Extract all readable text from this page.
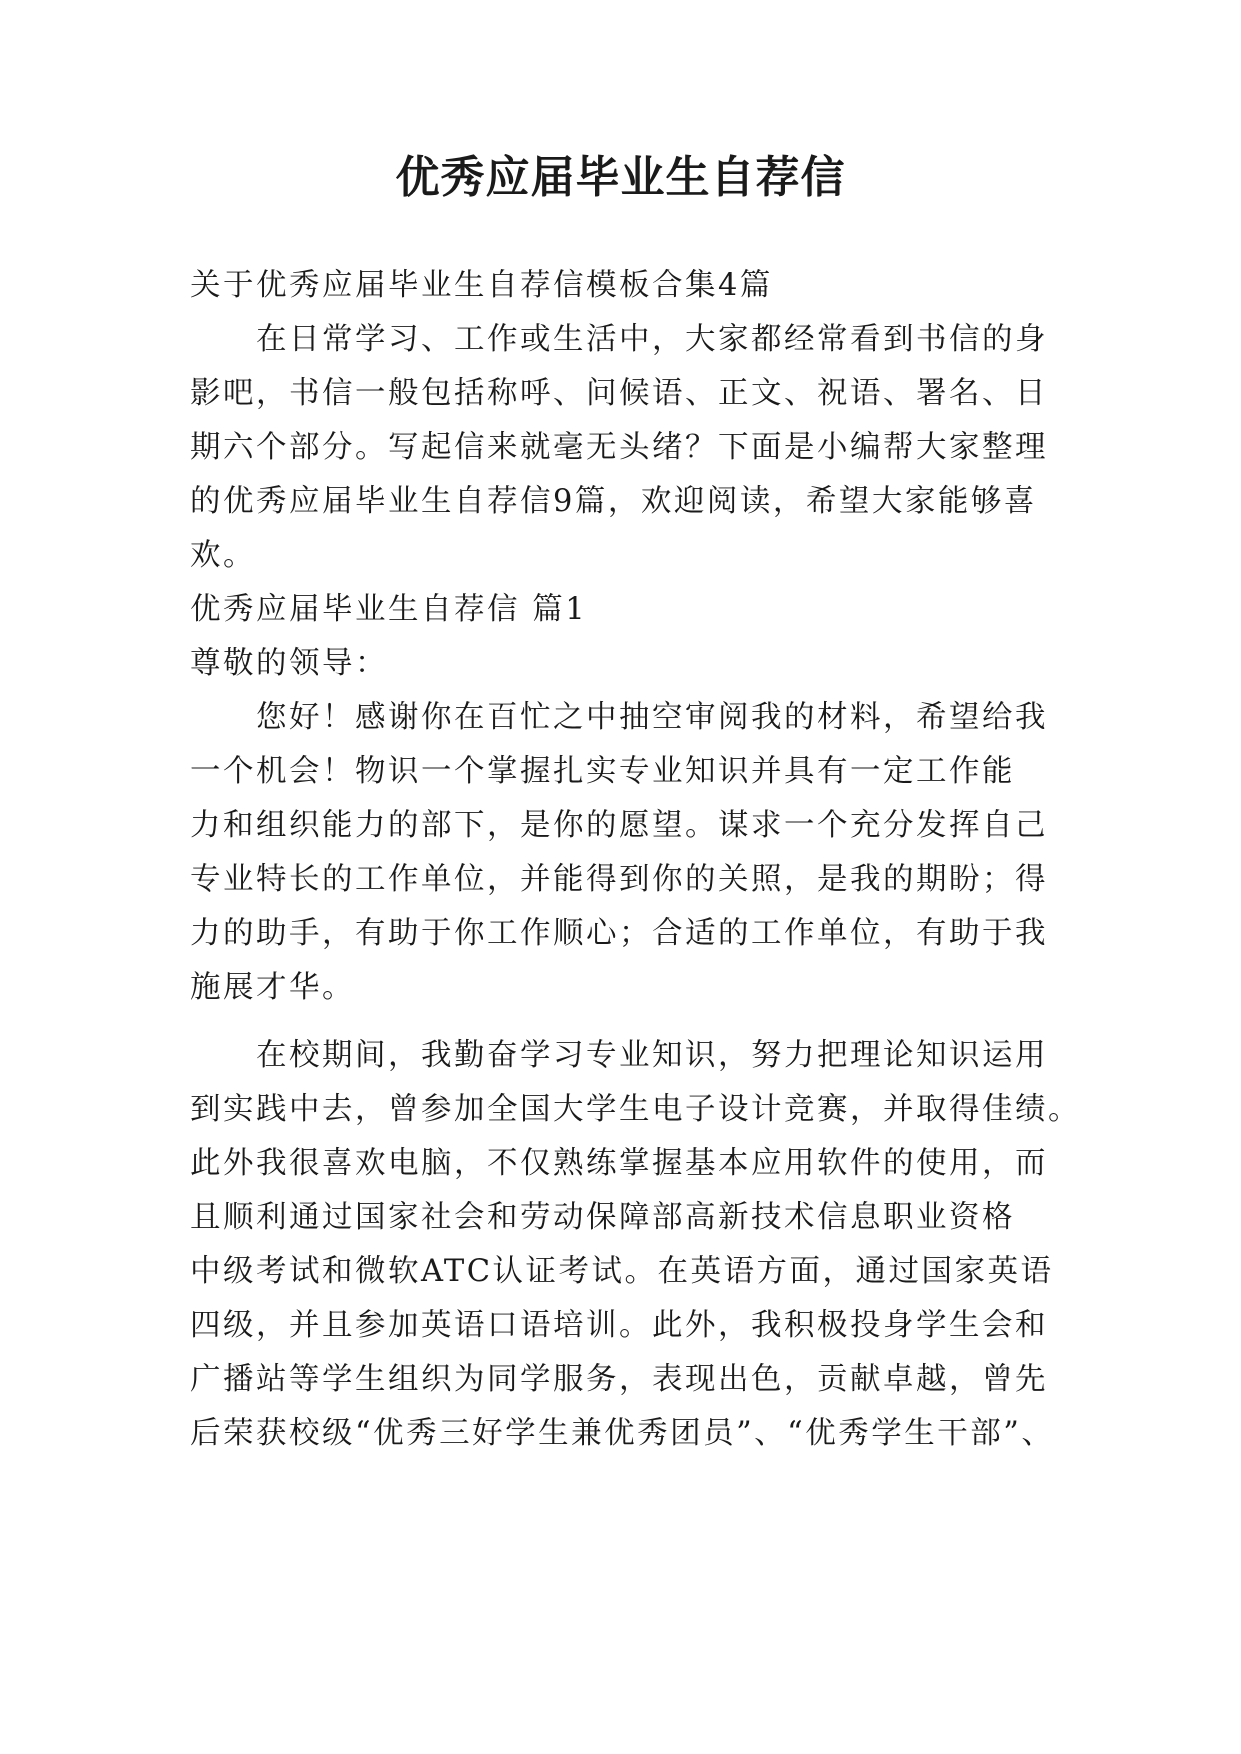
优秀应届毕业生自荐信
关于优秀应届毕业生自荐信模板合集4篇
在日常学习、工作或生活中，大家都经常看到书信的身
影吧，书信一般包括称呼、问候语、正文、祝语、署名、日
期六个部分。写起信来就毫无头绪？下面是小编帮大家整理
的优秀应届毕业生自荐信9篇，欢迎阅读，希望大家能够喜
欢。
优秀应届毕业生自荐信 篇1
尊敬的领导：
您好！感谢你在百忙之中抽空审阅我的材料，希望给我
一个机会！物识一个掌握扎实专业知识并具有一定工作能
力和组织能力的部下，是你的愿望。谋求一个充分发挥自己
专业特长的工作单位，并能得到你的关照，是我的期盼；得
力的助手，有助于你工作顺心；合适的工作单位，有助于我
施展才华。
在校期间，我勤奋学习专业知识，努力把理论知识运用
到实践中去，曾参加全国大学生电子设计竞赛，并取得佳绩。
此外我很喜欢电脑，不仅熟练掌握基本应用软件的使用，而
且顺利通过国家社会和劳动保障部高新技术信息职业资格
中级考试和微软ATC认证考试。在英语方面，通过国家英语
四级，并且参加英语口语培训。此外，我积极投身学生会和
广播站等学生组织为同学服务，表现出色，贡献卓越，曾先
后荣获校级“优秀三好学生兼优秀团员”、“优秀学生干部”、
